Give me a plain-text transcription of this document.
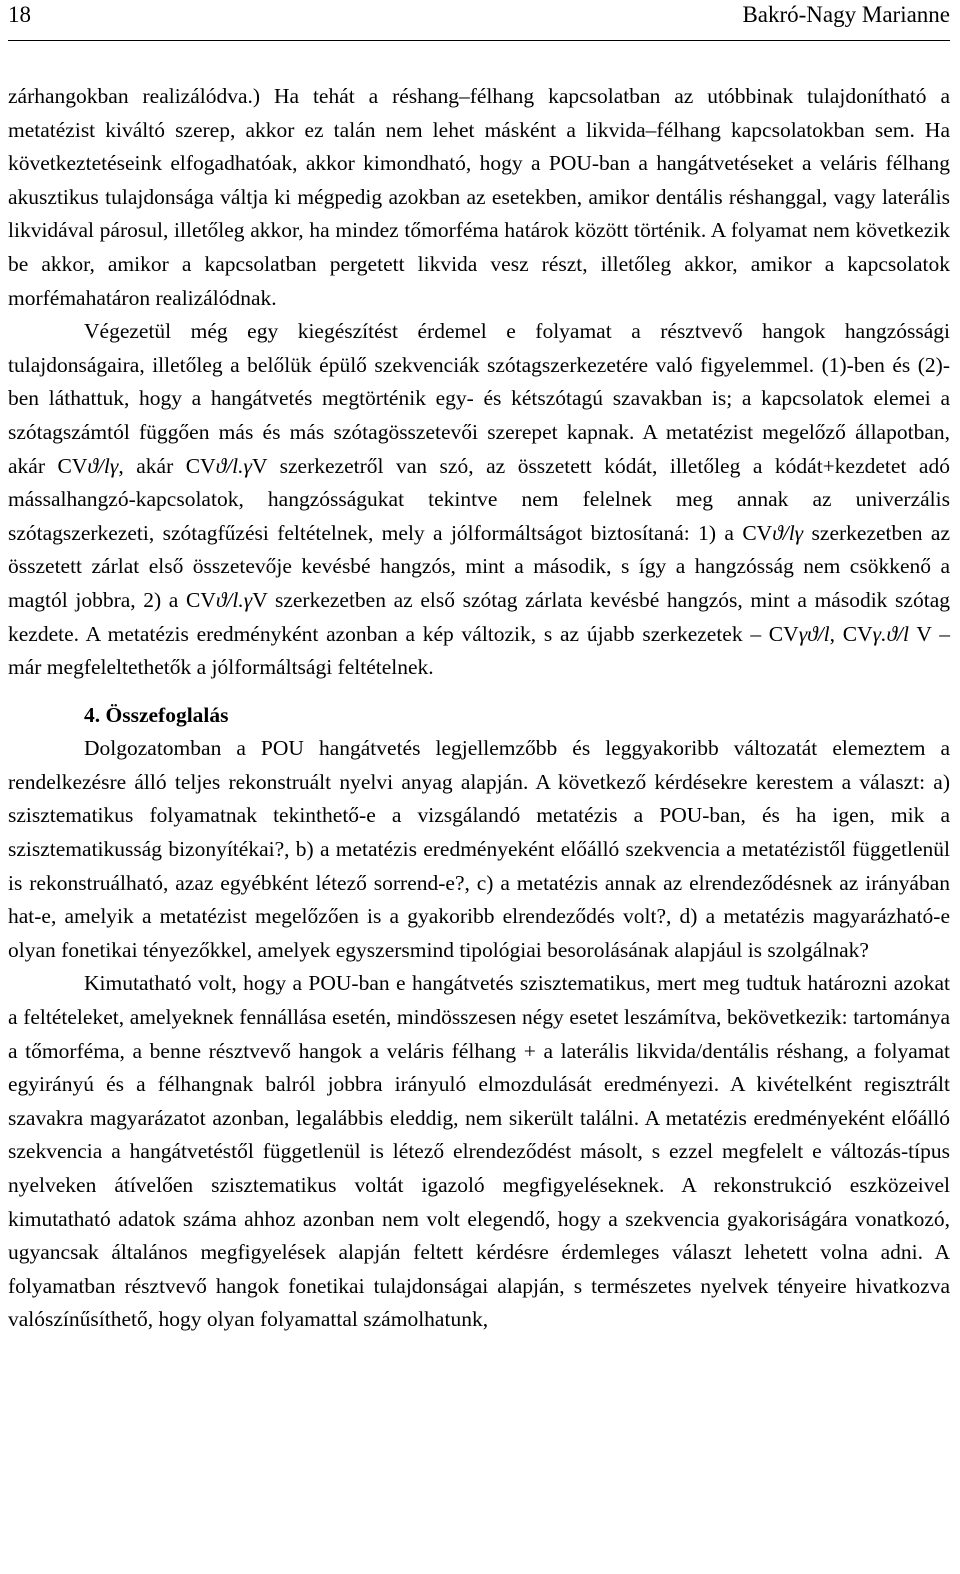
18	Bakró-Nagy Marianne

zárhangokban realizálódva.) Ha tehát a réshang–félhang kapcsolatban az utóbbinak tulajdonítható a metatézist kiváltó szerep, akkor ez talán nem lehet másként a likvida–félhang kapcsolatokban sem. Ha következtetéseink elfogadhatóak, akkor kimondható, hogy a POU-ban a hangátvetéseket a veláris félhang akusztikus tulajdonsága váltja ki mégpedig azokban az esetekben, amikor dentális réshanggal, vagy laterális likvidával párosul, illetőleg akkor, ha mindez tőmorféma határok között történik. A folyamat nem következik be akkor, amikor a kapcsolatban pergetett likvida vesz részt, illetőleg akkor, amikor a kapcsolatok morfémahatáron realizálódnak.

Végezetül még egy kiegészítést érdemel e folyamat a résztvevő hangok hangzóssági tulajdonságaira, illetőleg a belőlük épülő szekvenciák szótagszerkezetére való figyelemmel. (1)-ben és (2)-ben láthattuk, hogy a hangátvetés megtörténik egy- és kétszótagú szavakban is; a kapcsolatok elemei a szótagszámtól függően más és más szótagösszetevői szerepet kapnak. A metatézist megelőző állapotban, akár CVϑ/lγ, akár CVϑ/l.γV szerkezetről van szó, az összetett kódát, illetőleg a kódát+kezdetet adó mássalhangzó-kapcsolatok, hangzósságukat tekintve nem felelnek meg annak az univerzális szótagszerkezeti, szótagfűzési feltételnek, mely a jólformáltságot biztosítaná: 1) a CVϑ/lγ szerkezetben az összetett zárlat első összetevője kevésbé hangzós, mint a második, s így a hangzósság nem csökkenő a magtól jobbra, 2) a CVϑ/l.γV szerkezetben az első szótag zárlata kevésbé hangzós, mint a második szótag kezdete. A metatézis eredményként azonban a kép változik, s az újabb szerkezetek – CVγϑ/l, CVγ.ϑ/l V – már megfeleltethetők a jólformáltsági feltételnek.

4. Összefoglalás

Dolgozatomban a POU hangátvetés legjellemzőbb és leggyakoribb változatát elemeztem a rendelkezésre álló teljes rekonstruált nyelvi anyag alapján. A következő kérdésekre kerestem a választ: a) szisztematikus folyamatnak tekinthető-e a vizsgálandó metatézis a POU-ban, és ha igen, mik a szisztematikusság bizonyítékai?, b) a metatézis eredményeként előálló szekvencia a metatézistől függetlenül is rekonstruálható, azaz egyébként létező sorrend-e?, c) a metatézis annak az elrendeződésnek az irányában hat-e, amelyik a metatézist megelőzően is a gyakoribb elrendeződés volt?, d) a metatézis magyarázható-e olyan fonetikai tényezőkkel, amelyek egyszersmind tipológiai besorolásának alapjául is szolgálnak?

Kimutatható volt, hogy a POU-ban e hangátvetés szisztematikus, mert meg tudtuk határozni azokat a feltételeket, amelyeknek fennállása esetén, mindösszesen négy esetet leszámítva, bekövetkezik: tartománya a tőmorféma, a benne résztvevő hangok a veláris félhang + a laterális likvida/dentális réshang, a folyamat egyirányú és a félhangnak balról jobbra irányuló elmozdulását eredményezi. A kivételként regisztrált szavakra magyarázatot azonban, legalábbis eleddig, nem sikerült találni. A metatézis eredményeként előálló szekvencia a hangátvetéstől függetlenül is létező elrendeződést másolt, s ezzel megfelelt e változás-típus nyelveken átívelően szisztematikus voltát igazoló megfigyeléseknek. A rekonstrukció eszközeivel kimutatható adatok száma ahhoz azonban nem volt elegendő, hogy a szekvencia gyakoriságára vonatkozó, ugyancsak általános megfigyelések alapján feltett kérdésre érdemleges választ lehetett volna adni. A folyamatban résztvevő hangok fonetikai tulajdonságai alapján, s természetes nyelvek tényeire hivatkozva valószínűsíthető, hogy olyan folyamattal számolhatunk,
